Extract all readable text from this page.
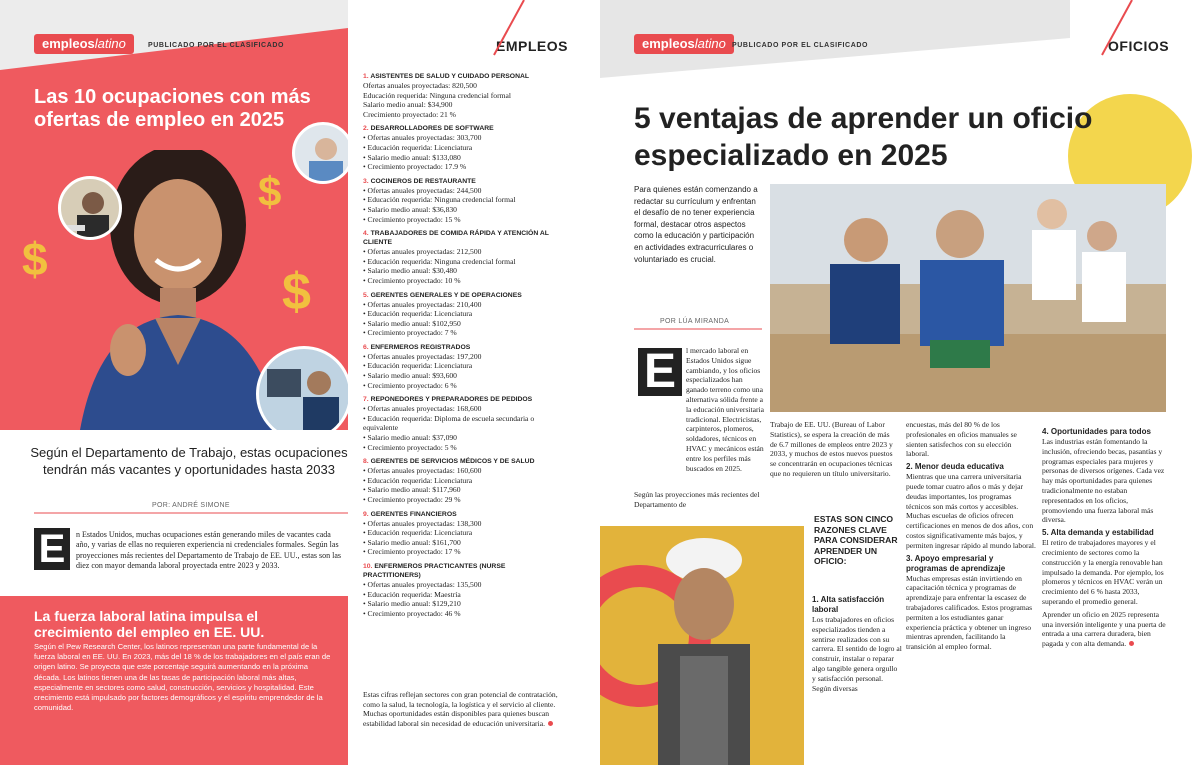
empleoslatino	PUBLICADO POR EL CLASIFICADO
Las 10 ocupaciones con más ofertas de empleo en 2025
$
$
$
EMPLEOS
Según el Departamento de Trabajo, estas ocupaciones tendrán más vacantes y oportunidades hasta 2033
POR: ANDRÉ SIMONE
E	n Estados Unidos, muchas ocupaciones están generando miles de vacantes cada año, y varias de ellas no requieren experiencia ni credenciales formales. Según las proyecciones más recientes del Departamento de Trabajo de EE. UU., estas son las diez con mayor demanda laboral proyectada entre 2023 y 2033.
La fuerza laboral latina impulsa el crecimiento del empleo en EE. UU.
Según el Pew Research Center, los latinos representan una parte fundamental de la fuerza laboral en EE. UU. En 2023, más del 18 % de los trabajadores en el país eran de origen latino. Se proyecta que este porcentaje seguirá aumentando en la próxima década. Los latinos tienen una de las tasas de participación laboral más altas, especialmente en sectores como salud, construcción, servicios y hospitalidad. Este crecimiento está impulsado por factores demográficos y el espíritu emprendedor de la comunidad.
1. ASISTENTES DE SALUD Y CUIDADO PERSONAL
Ofertas anuales proyectadas: 820,500
Educación requerida: Ninguna credencial formal
Salario medio anual: $34,900
Crecimiento proyectado: 21 %
2. DESARROLLADORES DE SOFTWARE
• Ofertas anuales proyectadas: 303,700
• Educación requerida: Licenciatura
• Salario medio anual: $133,080
• Crecimiento proyectado: 17.9 %
3. COCINEROS DE RESTAURANTE
• Ofertas anuales proyectadas: 244,500
• Educación requerida: Ninguna credencial formal
• Salario medio anual: $36,830
• Crecimiento proyectado: 15 %
4. TRABAJADORES DE COMIDA RÁPIDA Y ATENCIÓN AL CLIENTE
• Ofertas anuales proyectadas: 212,500
• Educación requerida: Ninguna credencial formal
• Salario medio anual: $30,480
• Crecimiento proyectado: 10 %
5. GERENTES GENERALES Y DE OPERACIONES
• Ofertas anuales proyectadas: 210,400
• Educación requerida: Licenciatura
• Salario medio anual: $102,950
• Crecimiento proyectado: 7 %
6. ENFERMEROS REGISTRADOS
• Ofertas anuales proyectadas: 197,200
• Educación requerida: Licenciatura
• Salario medio anual: $93,600
• Crecimiento proyectado: 6 %
7. REPONEDORES Y PREPARADORES DE PEDIDOS
• Ofertas anuales proyectadas: 168,600
• Educación requerida: Diploma de escuela secundaria o equivalente
• Salario medio anual: $37,090
• Crecimiento proyectado: 5 %
8. GERENTES DE SERVICIOS MÉDICOS Y DE SALUD
• Ofertas anuales proyectadas: 160,600
• Educación requerida: Licenciatura
• Salario medio anual: $117,960
• Crecimiento proyectado: 29 %
9. GERENTES FINANCIEROS
• Ofertas anuales proyectadas: 138,300
• Educación requerida: Licenciatura
• Salario medio anual: $161,700
• Crecimiento proyectado: 17 %
10. ENFERMEROS PRACTICANTES (NURSE PRACTITIONERS)
• Ofertas anuales proyectadas: 135,500
• Educación requerida: Maestría
• Salario medio anual: $129,210
• Crecimiento proyectado: 46 %
Estas cifras reflejan sectores con gran potencial de contratación, como la salud, la tecnología, la logística y el servicio al cliente. Muchas oportunidades están disponibles para quienes buscan estabilidad laboral sin necesidad de educación universitaria.
empleoslatino PUBLICADO POR EL CLASIFICADO	OFICIOS
5 ventajas de aprender un oficio especializado en 2025
Para quienes están comenzando a redactar su currículum y enfrentan el desafío de no tener experiencia formal, destacar otros aspectos como la educación y participación en actividades extracurriculares o voluntariado es crucial.
POR LÚA MIRANDA
E	l mercado laboral en Estados Unidos sigue cambiando, y los oficios especializados han ganado terreno como una alternativa sólida frente a la educación universitaria tradicional. Electricistas, carpinteros, plomeros, soldadores, técnicos en HVAC y mecánicos están entre los perfiles más buscados en 2025.
Según las proyecciones más recientes del Departamento de
Trabajo de EE. UU. (Bureau of Labor Statistics), se espera la creación de más de 6.7 millones de empleos entre 2023 y 2033, y muchos de estos nuevos puestos se concentrarán en ocupaciones técnicas que no requieren un título universitario.
ESTAS SON CINCO RAZONES CLAVE PARA CONSIDERAR APRENDER UN OFICIO:
1. Alta satisfacción laboral

Los trabajadores en oficios especializados tienden a sentirse realizados con su carrera. El sentido de logro al construir, instalar o reparar algo tangible genera orgullo y satisfacción personal. Según diversas

encuestas, más del 80 % de los profesionales en oficios manuales se sienten satisfechos con su elección laboral.

2. Menor deuda educativa

Mientras que una carrera universitaria puede tomar cuatro años o más y dejar deudas importantes, los programas técnicos son más cortos y accesibles. Muchas escuelas de oficios ofrecen certificaciones en menos de dos años, con costos significativamente más bajos, y permiten ingresar rápido al mundo laboral.

3. Apoyo empresarial y programas de aprendizaje

Muchas empresas están invirtiendo en capacitación técnica y programas de aprendizaje para enfrentar la escasez de trabajadores calificados. Estos programas permiten a los estudiantes ganar experiencia práctica y obtener un ingreso mientras aprenden, facilitando la transición al empleo formal.

4. Oportunidades para todos

Las industrias están fomentando la inclusión, ofreciendo becas, pasantías y programas especiales para mujeres y personas de diversos orígenes. Cada vez hay más oportunidades para quienes tradicionalmente no estaban representados en los oficios, promoviendo una fuerza laboral más diversa.

5. Alta demanda y estabilidad

El retiro de trabajadores mayores y el crecimiento de sectores como la construcción y la energía renovable han impulsado la demanda. Por ejemplo, los plomeros y técnicos en HVAC verán un crecimiento del 6 % hasta 2033, superando el promedio general.

Aprender un oficio en 2025 representa una inversión inteligente y una puerta de entrada a una carrera duradera, bien pagada y con alta demanda.
